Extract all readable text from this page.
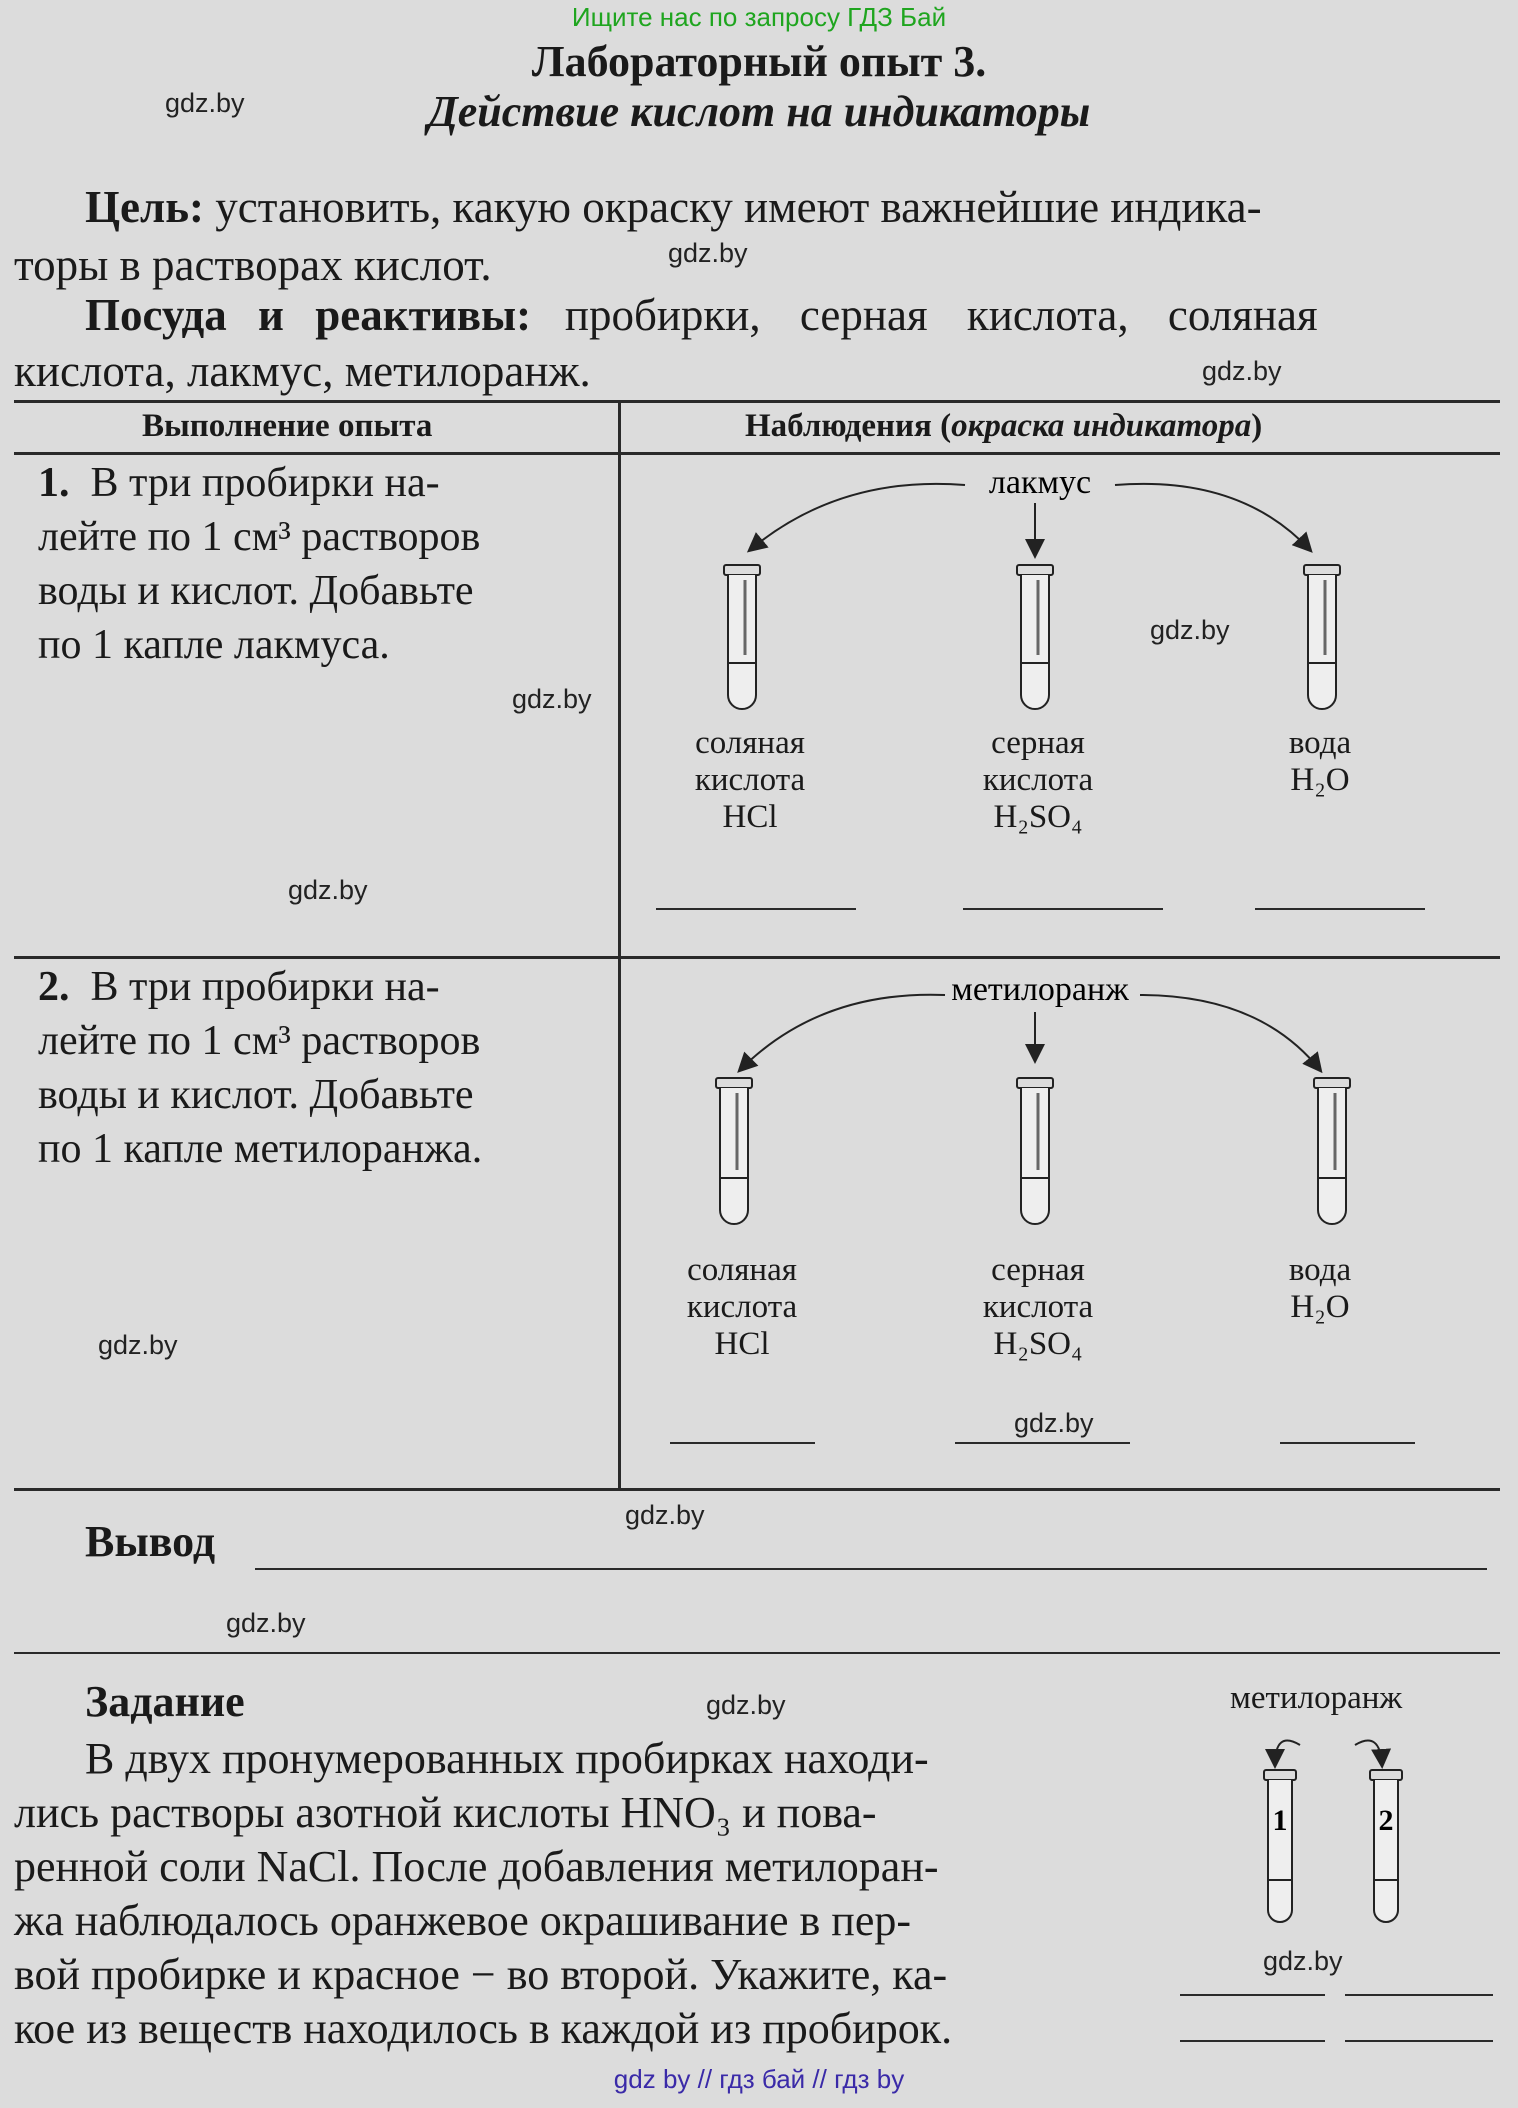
Ищите нас по запросу ГДЗ Бай
gdz by // гдз бай // гдз by
gdz.by
gdz.by
gdz.by
gdz.by
gdz.by
gdz.by
gdz.by
gdz.by
gdz.by
gdz.by
gdz.by
gdz.by
Лабораторный опыт 3.
Действие кислот на индикаторы
Цель: установить, какую окраску имеют важнейшие индика-
торы в растворах кислот.
Посуда и реактивы: пробирки, серная кислота, соляная
кислота, лакмус, метилоранж.
Выполнение опыта	Наблюдения (окраска индикатора)
1. В три пробирки на-
лейте по 1 см³ растворов
воды и кислот. Добавьте
по 1 капле лакмуса.
2. В три пробирки на-
лейте по 1 см³ растворов
воды и кислот. Добавьте
по 1 капле метилоранжа.
лакмус
соляная
кислота
HCl
серная
кислота
H₂SO₄
вода
H₂O
метилоранж
соляная
кислота
HCl
серная
кислота
H₂SO₄
вода
H₂O
Вывод
Задание
В двух пронумерованных пробирках находи-
лись растворы азотной кислоты HNO₃ и пова-
ренной соли NaCl. После добавления метилоран-
жа наблюдалось оранжевое окрашивание в пер-
вой пробирке и красное − во второй. Укажите, ка-
кое из веществ находилось в каждой из пробирок.
метилоранж
1	2
